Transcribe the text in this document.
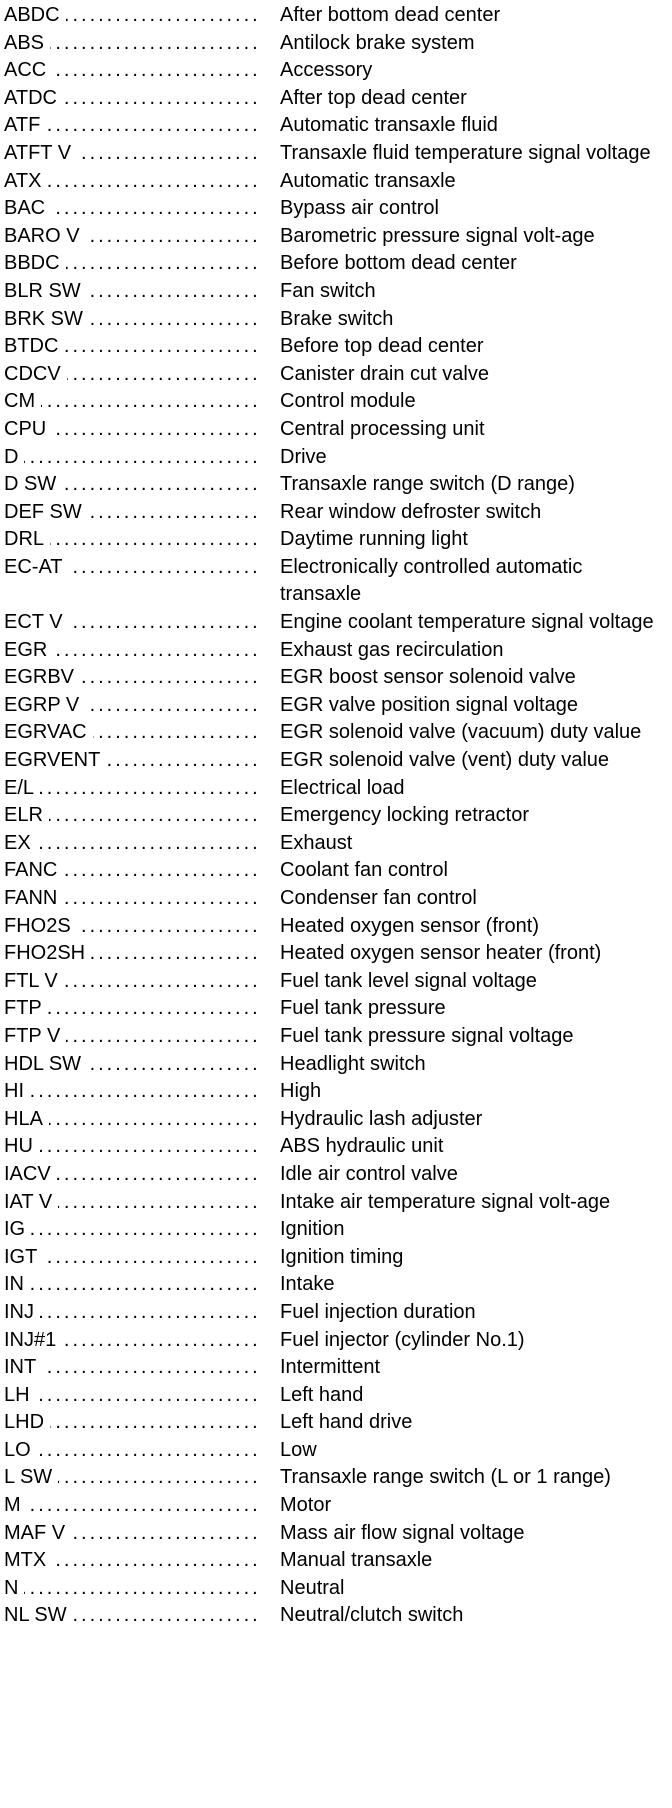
ABDC .....	After bottom dead center
ABS .....	Antilock brake system
ACC .....	Accessory
ATDC .....	After top dead center
ATF .....	Automatic transaxle fluid
ATFT V .....	Transaxle fluid temperature signal voltage
ATX .....	Automatic transaxle
BAC .....	Bypass air control
BARO V .....	Barometric pressure signal volt-age
BBDC .....	Before bottom dead center
BLR SW .....	Fan switch
BRK SW .....	Brake switch
BTDC .....	Before top dead center
CDCV .....	Canister drain cut valve
CM .....	Control module
CPU .....	Central processing unit
D .....	Drive
D SW .....	Transaxle range switch (D range)
DEF SW .....	Rear window defroster switch
DRL .....	Daytime running light
EC-AT .....	Electronically controlled automatic transaxle
ECT V .....	Engine coolant temperature signal voltage
EGR .....	Exhaust gas recirculation
EGRBV .....	EGR boost sensor solenoid valve
EGRP V .....	EGR valve position signal voltage
EGRVAC .....	EGR solenoid valve (vacuum) duty value
EGRVENT .....	EGR solenoid valve (vent) duty value
E/L .....	Electrical load
ELR .....	Emergency locking retractor
EX .....	Exhaust
FANC .....	Coolant fan control
FANN .....	Condenser fan control
FHO2S .....	Heated oxygen sensor (front)
FHO2SH .....	Heated oxygen sensor heater (front)
FTL V .....	Fuel tank level signal voltage
FTP .....	Fuel tank pressure
FTP V .....	Fuel tank pressure signal voltage
HDL SW .....	Headlight switch
HI .....	High
HLA .....	Hydraulic lash adjuster
HU .....	ABS hydraulic unit
IACV .....	Idle air control valve
IAT V .....	Intake air temperature signal volt-age
IG .....	Ignition
IGT .....	Ignition timing
IN .....	Intake
INJ .....	Fuel injection duration
INJ#1 .....	Fuel injector (cylinder No.1)
INT .....	Intermittent
LH .....	Left hand
LHD .....	Left hand drive
LO .....	Low
L SW .....	Transaxle range switch (L or 1 range)
M .....	Motor
MAF V .....	Mass air flow signal voltage
MTX .....	Manual transaxle
N .....	Neutral
NL SW .....	Neutral/clutch switch
